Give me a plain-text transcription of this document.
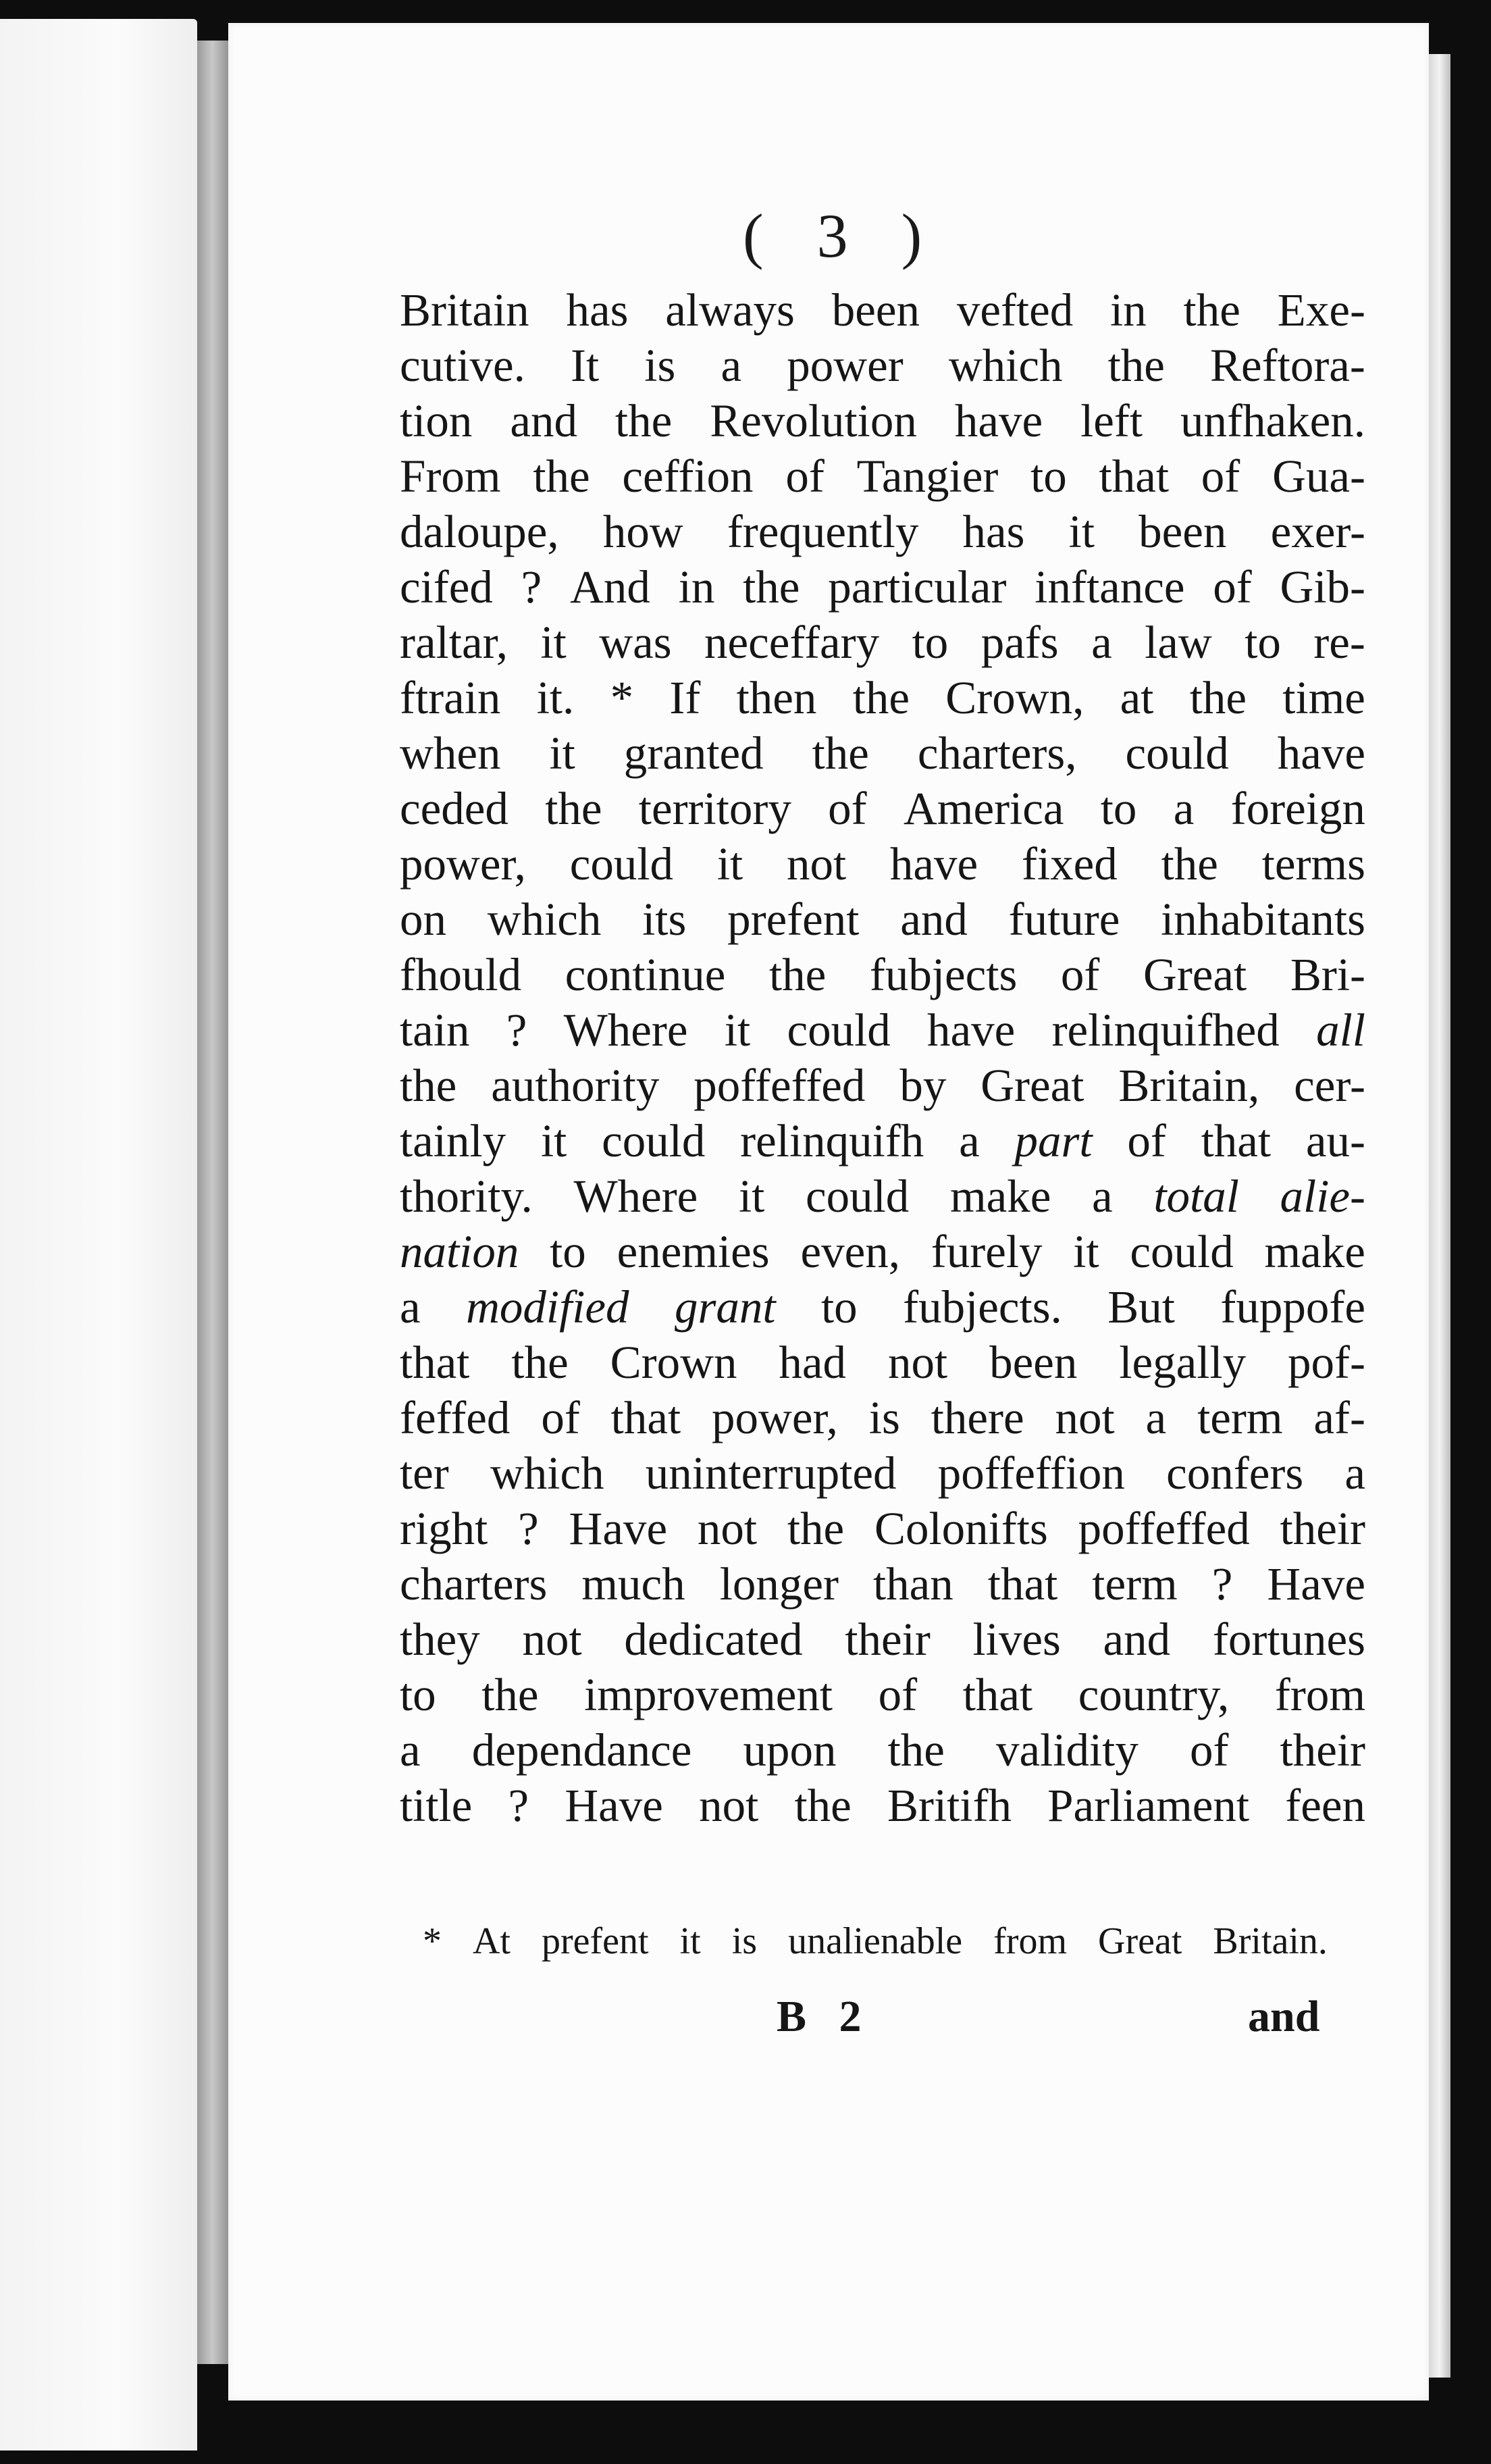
( 3 )
Britain has always been vefted in the Exe-
cutive. It is a power which the Reftora-
tion and the Revolution have left unfhaken.
From the ceffion of Tangier to that of Gua-
daloupe, how frequently has it been exer-
cifed ? And in the particular inftance of Gib-
raltar, it was neceffary to pafs a law to re-
ftrain it. * If then the Crown, at the time
when it granted the charters, could have
ceded the territory of America to a foreign
power, could it not have fixed the terms
on which its prefent and future inhabitants
fhould continue the fubjects of Great Bri-
tain ? Where it could have relinquifhed all
the authority poffeffed by Great Britain, cer-
tainly it could relinquifh a part of that au-
thority. Where it could make a total alie-
nation to enemies even, furely it could make
a modified grant to fubjects. But fuppofe
that the Crown had not been legally pof-
feffed of that power, is there not a term af-
ter which uninterrupted poffeffion confers a
right ? Have not the Colonifts poffeffed their
charters much longer than that term ? Have
they not dedicated their lives and fortunes
to the improvement of that country, from
a dependance upon the validity of their
title ? Have not the Britifh Parliament feen
* At prefent it is unalienable from Great Britain.
B 2	and
